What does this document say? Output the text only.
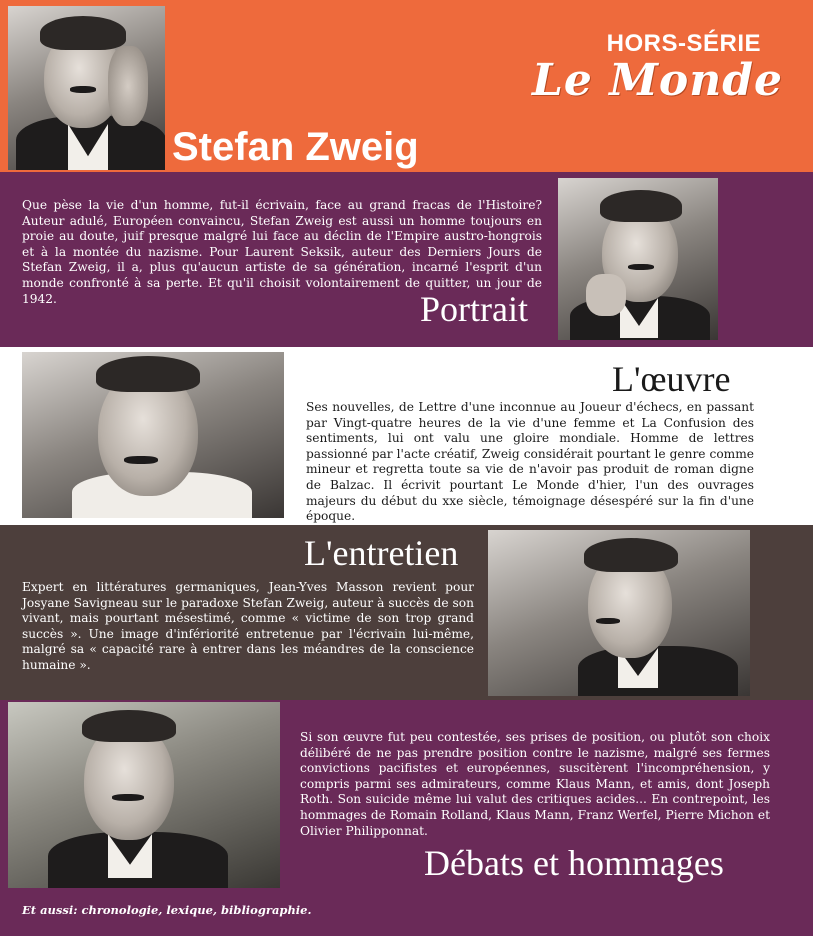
HORS-SÉRIE
Le Monde
Stefan Zweig
Que pèse la vie d'un homme, fut-il écrivain, face au grand fracas de l'Histoire? Auteur adulé, Européen convaincu, Stefan Zweig est aussi un homme toujours en proie au doute, juif presque malgré lui face au déclin de l'Empire austro-hongrois et à la montée du nazisme. Pour Laurent Seksik, auteur des Derniers Jours de Stefan Zweig, il a, plus qu'aucun artiste de sa génération, incarné l'esprit d'un monde confronté à sa perte. Et qu'il choisit volontairement de quitter, un jour de 1942.	Portrait
L'œuvre
Ses nouvelles, de Lettre d'une inconnue au Joueur d'échecs, en passant par Vingt-quatre heures de la vie d'une femme et La Confusion des sentiments, lui ont valu une gloire mondiale. Homme de lettres passionné par l'acte créatif, Zweig considérait pourtant le genre comme mineur et regretta toute sa vie de n'avoir pas produit de roman digne de Balzac. Il écrivit pourtant Le Monde d'hier, l'un des ouvrages majeurs du début du xxe siècle, témoignage désespéré sur la fin d'une époque.
L'entretien
Expert en littératures germaniques, Jean-Yves Masson revient pour Josyane Savigneau sur le paradoxe Stefan Zweig, auteur à succès de son vivant, mais pourtant mésestimé, comme « victime de son trop grand succès ». Une image d'infériorité entretenue par l'écrivain lui-même, malgré sa « capacité rare à entrer dans les méandres de la conscience humaine ».
Si son œuvre fut peu contestée, ses prises de position, ou plutôt son choix délibéré de ne pas prendre position contre le nazisme, malgré ses fermes convictions pacifistes et européennes, suscitèrent l'incompréhension, y compris parmi ses admirateurs, comme Klaus Mann, et amis, dont Joseph Roth. Son suicide même lui valut des critiques acides... En contrepoint, les hommages de Romain Rolland, Klaus Mann, Franz Werfel, Pierre Michon et Olivier Philipponnat.
Débats et hommages
Et aussi: chronologie, lexique, bibliographie.
